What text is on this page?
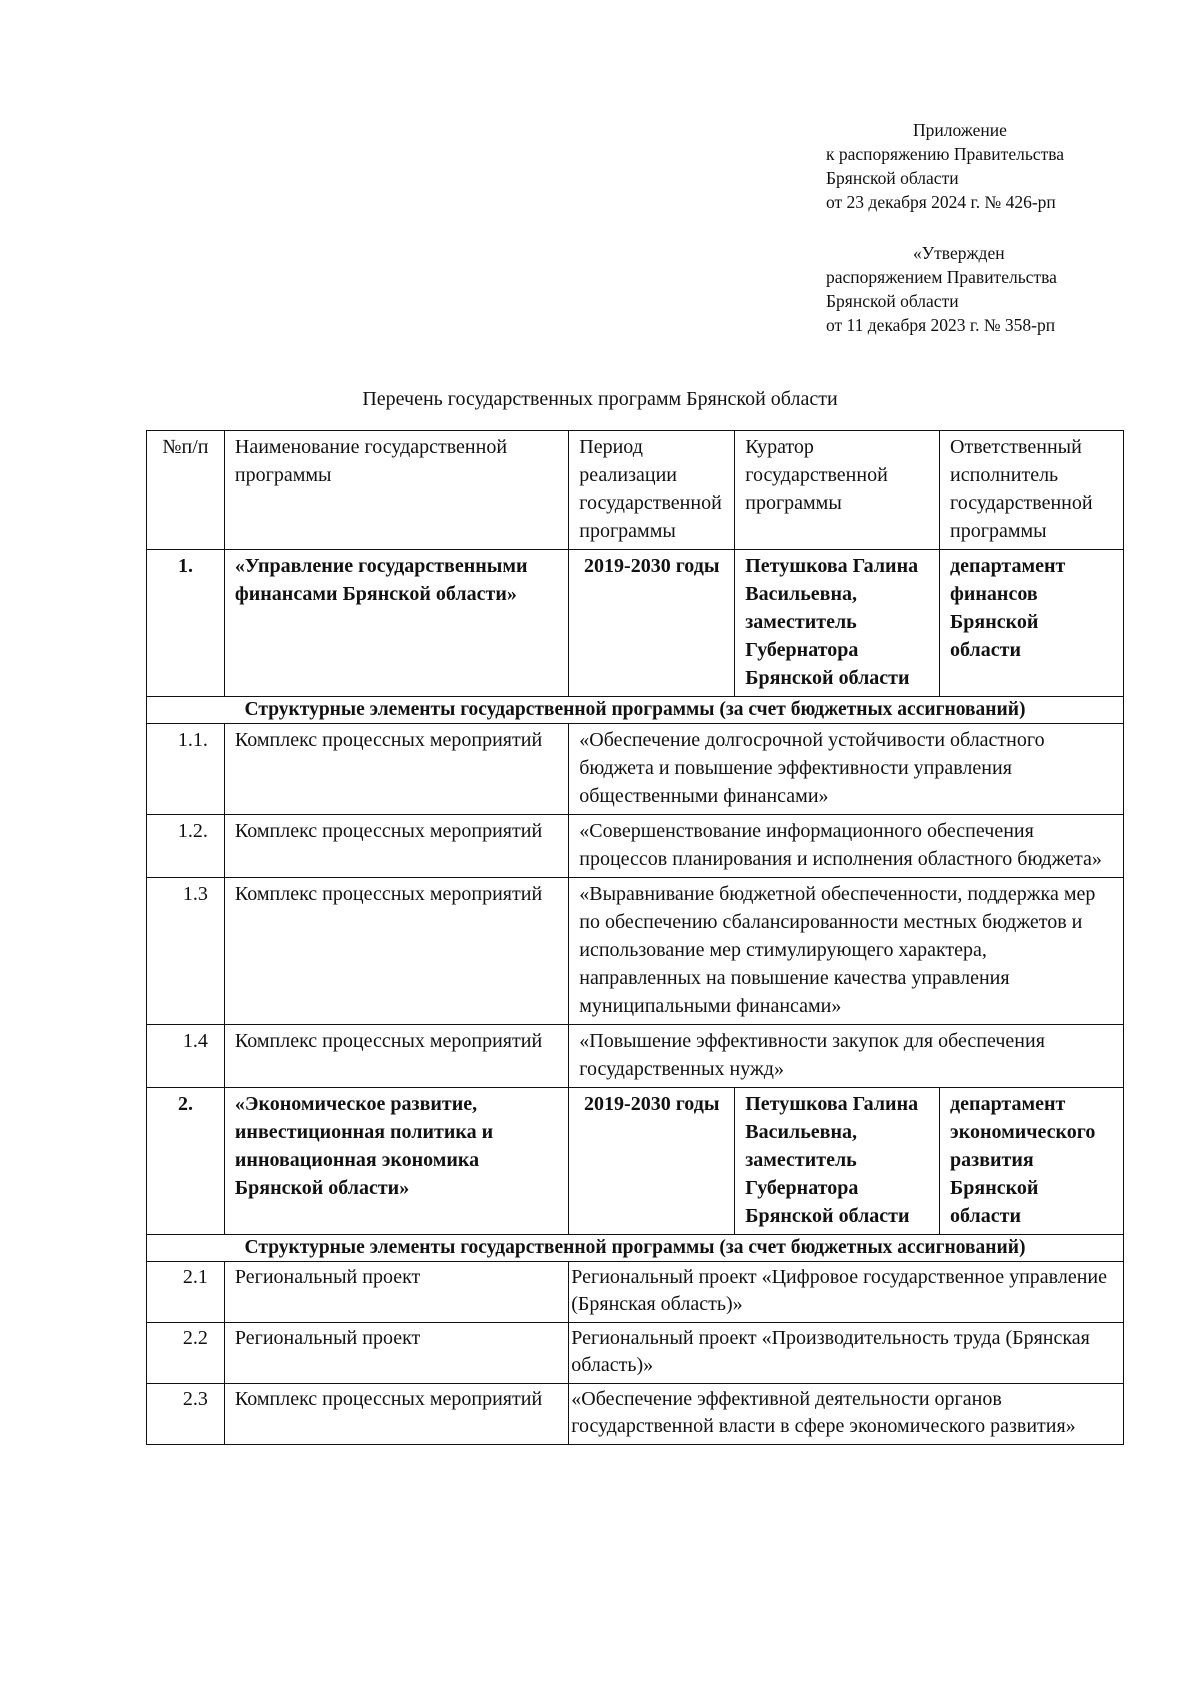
Приложение
к распоряжению Правительства
Брянской области
от 23 декабря 2024 г. № 426-рп
«Утвержден
распоряжением Правительства
Брянской области
от 11 декабря 2023 г. № 358-рп
Перечень государственных программ Брянской области
№п/п	Наименование государственной программы	Период реализации государственной программы	Куратор государственной программы	Ответственный исполнитель государственной программы
1.	«Управление государственными финансами Брянской области»	2019-2030 годы	Петушкова Галина Васильевна, заместитель Губернатора Брянской области	департамент финансов Брянской области
Структурные элементы государственной программы (за счет бюджетных ассигнований)				
1.1.	Комплекс процессных мероприятий	«Обеспечение долгосрочной устойчивости областного бюджета и повышение эффективности управления общественными финансами»		
1.2.	Комплекс процессных мероприятий	«Совершенствование информационного обеспечения процессов планирования и исполнения областного бюджета»		
1.3	Комплекс процессных мероприятий	«Выравнивание бюджетной обеспеченности, поддержка мер по обеспечению сбалансированности местных бюджетов и использование мер стимулирующего характера, направленных на повышение качества управления муниципальными финансами»		
1.4	Комплекс процессных мероприятий	«Повышение эффективности закупок для обеспечения государственных нужд»		
2.	«Экономическое развитие, инвестиционная политика и инновационная экономика Брянской области»	2019-2030 годы	Петушкова Галина Васильевна, заместитель Губернатора Брянской области	департамент экономического развития Брянской области
Структурные элементы государственной программы (за счет бюджетных ассигнований)				
2.1	Региональный проект	Региональный проект «Цифровое государственное управление (Брянская область)»		
2.2	Региональный проект	Региональный проект «Производительность труда (Брянская область)»		
2.3	Комплекс процессных мероприятий	«Обеспечение эффективной деятельности органов государственной власти в сфере экономического развития»		
